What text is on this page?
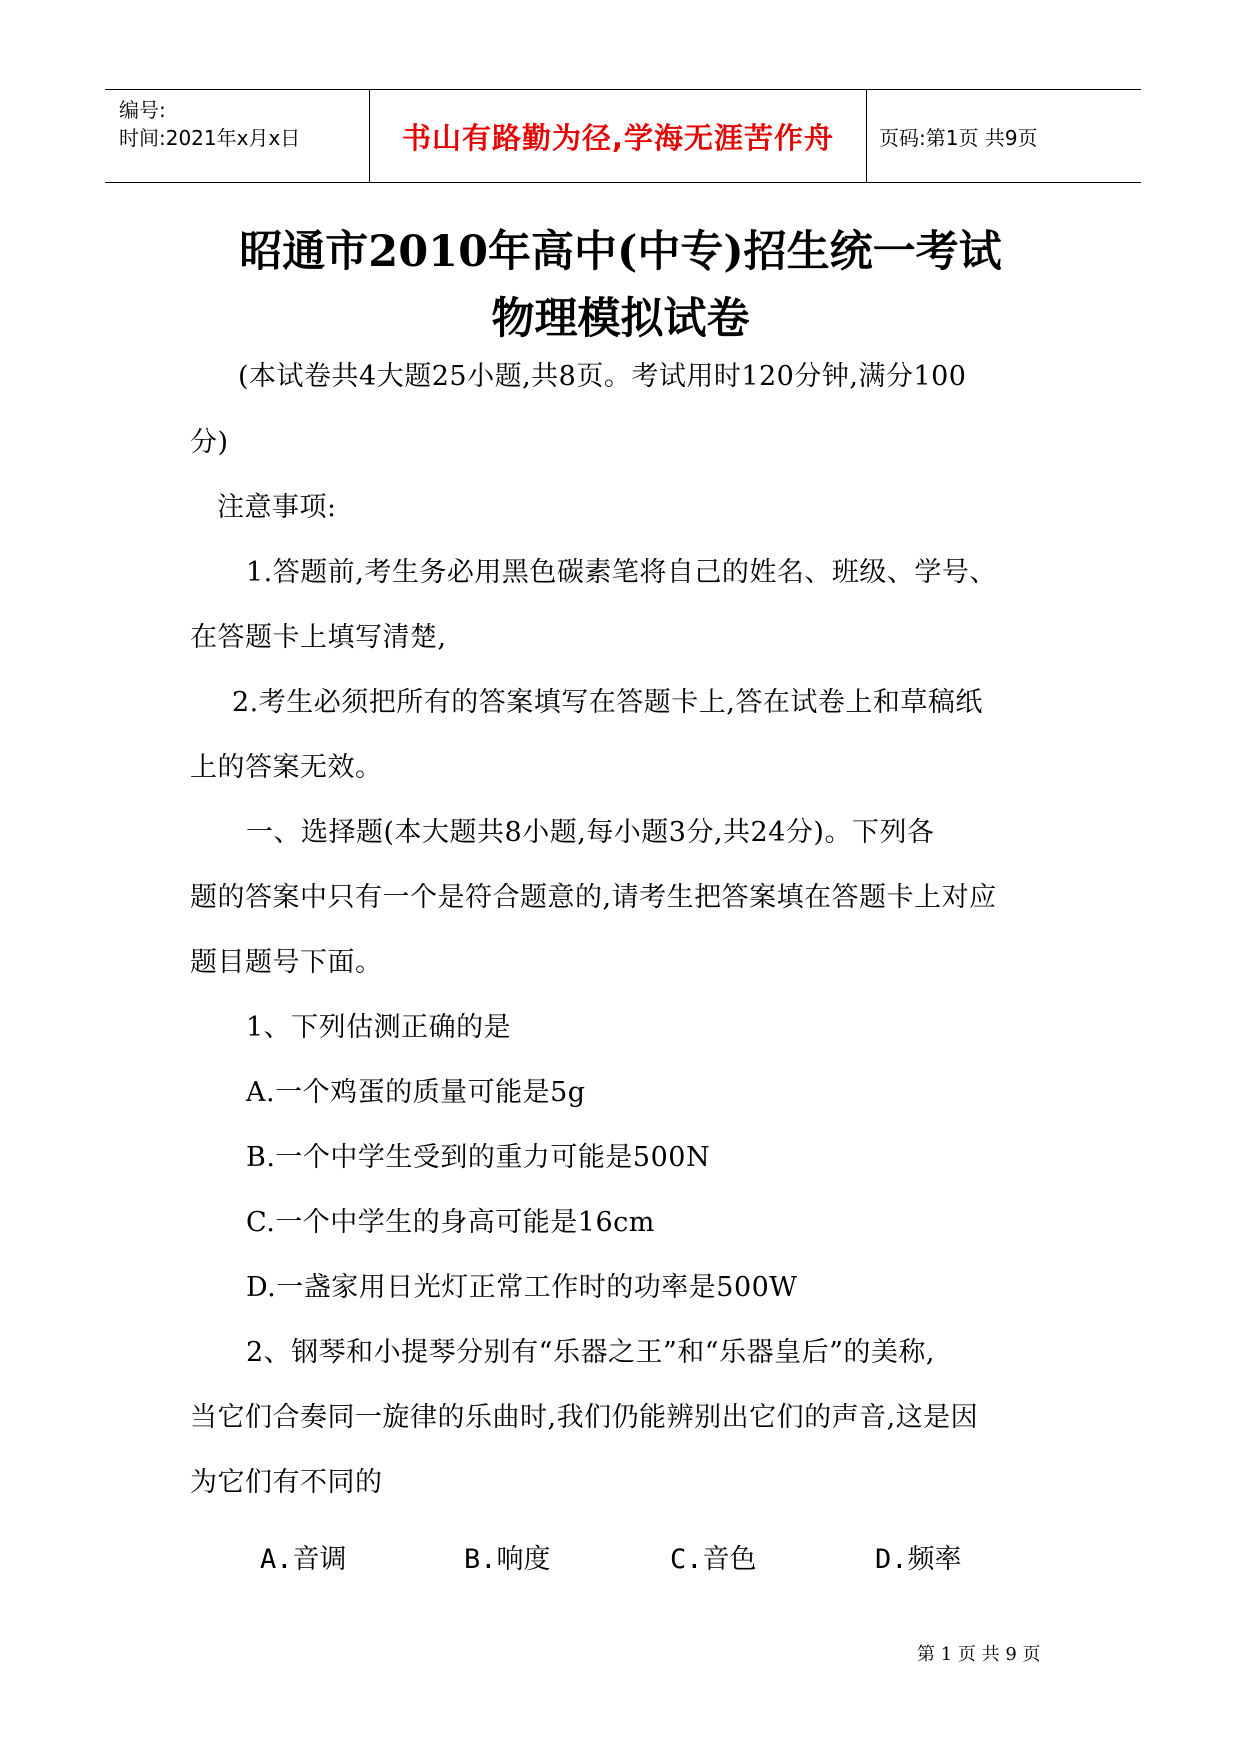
编号:
时间:2021年x月x日	书山有路勤为径,学海无涯苦作舟	页码:第1页 共9页
昭通市2010年高中(中专)招生统一考试
物理模拟试卷
(本试卷共4大题25小题,共8页。考试用时120分钟,满分100
分)
注意事项:
1.答题前,考生务必用黑色碳素笔将自己的姓名、班级、学号、
在答题卡上填写清楚,
2.考生必须把所有的答案填写在答题卡上,答在试卷上和草稿纸
上的答案无效。
一、选择题(本大题共8小题,每小题3分,共24分)。下列各
题的答案中只有一个是符合题意的,请考生把答案填在答题卡上对应
题目题号下面。
1、下列估测正确的是
A.一个鸡蛋的质量可能是5g
B.一个中学生受到的重力可能是500N
C.一个中学生的身高可能是16cm
D.一盏家用日光灯正常工作时的功率是500W
2、钢琴和小提琴分别有“乐器之王”和“乐器皇后”的美称,
当它们合奏同一旋律的乐曲时,我们仍能辨别出它们的声音,这是因
为它们有不同的
A.音调	B.响度	C.音色	D.频率
第 1 页 共 9 页
